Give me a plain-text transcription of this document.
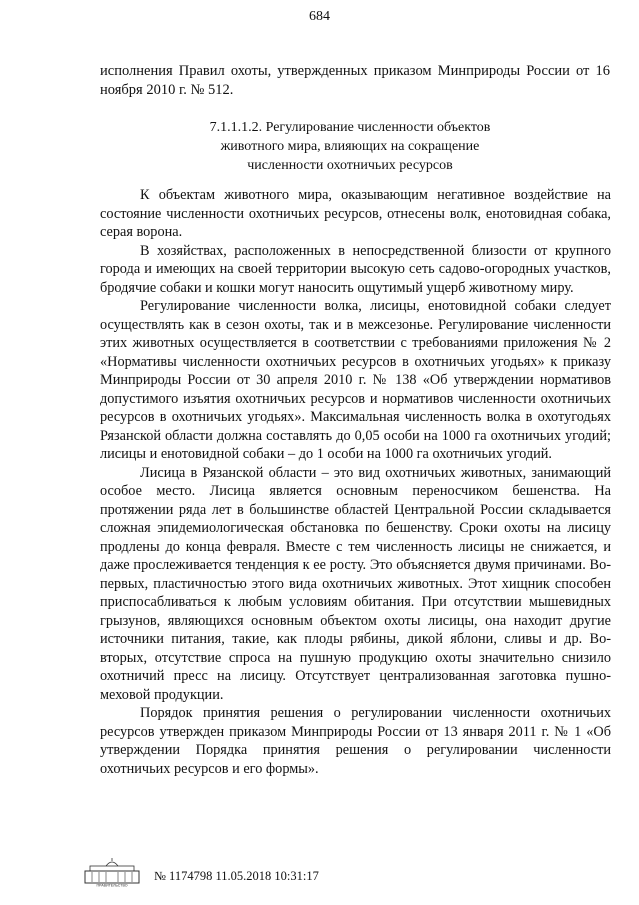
684

исполнения Правил охоты, утвержденных приказом Минприроды России от 16 ноября 2010 г. № 512.

7.1.1.1.2. Регулирование численности объектов
животного мира, влияющих на сокращение
численности охотничьих ресурсов

К объектам животного мира, оказывающим негативное воздействие на состояние численности охотничьих ресурсов, отнесены волк, енотовидная собака, серая ворона.

В хозяйствах, расположенных в непосредственной близости от крупного города и имеющих на своей территории высокую сеть садово-огородных участков, бродячие собаки и кошки могут наносить ощутимый ущерб животному миру.

Регулирование численности волка, лисицы, енотовидной собаки следует осуществлять как в сезон охоты, так и в межсезонье. Регулирование численности этих животных осуществляется в соответствии с требованиями приложения № 2 «Нормативы численности охотничьих ресурсов в охотничьих угодьях» к приказу Минприроды России от 30 апреля 2010 г. № 138 «Об утверждении нормативов допустимого изъятия охотничьих ресурсов и нормативов численности охотничьих ресурсов в охотничьих угодьях». Максимальная численность волка в охотугодьях Рязанской области должна составлять до 0,05 особи на 1000 га охотничьих угодий; лисицы и енотовидной собаки – до 1 особи на 1000 га охотничьих угодий.

Лисица в Рязанской области – это вид охотничьих животных, занимающий особое место. Лисица является основным переносчиком бешенства. На протяжении ряда лет в большинстве областей Центральной России складывается сложная эпидемиологическая обстановка по бешенству. Сроки охоты на лисицу продлены до конца февраля. Вместе с тем численность лисицы не снижается, и даже прослеживается тенденция к ее росту. Это объясняется двумя причинами. Во-первых, пластичностью этого вида охотничьих животных. Этот хищник способен приспосабливаться к любым условиям обитания. При отсутствии мышевидных грызунов, являющихся основным объектом охоты лисицы, она находит другие источники питания, такие, как плоды рябины, дикой яблони, сливы и др. Во-вторых, отсутствие спроса на пушную продукцию охоты значительно снизило охотничий пресс на лисицу. Отсутствует централизованная заготовка пушно-меховой продукции.

Порядок принятия решения о регулировании численности охотничьих ресурсов утвержден приказом Минприроды России от 13 января 2011 г. № 1 «Об утверждении Порядка принятия решения о регулировании численности охотничьих ресурсов и его формы».

ПРАВИТЕЛЬСТВО
№ 1174798 11.05.2018 10:31:17
